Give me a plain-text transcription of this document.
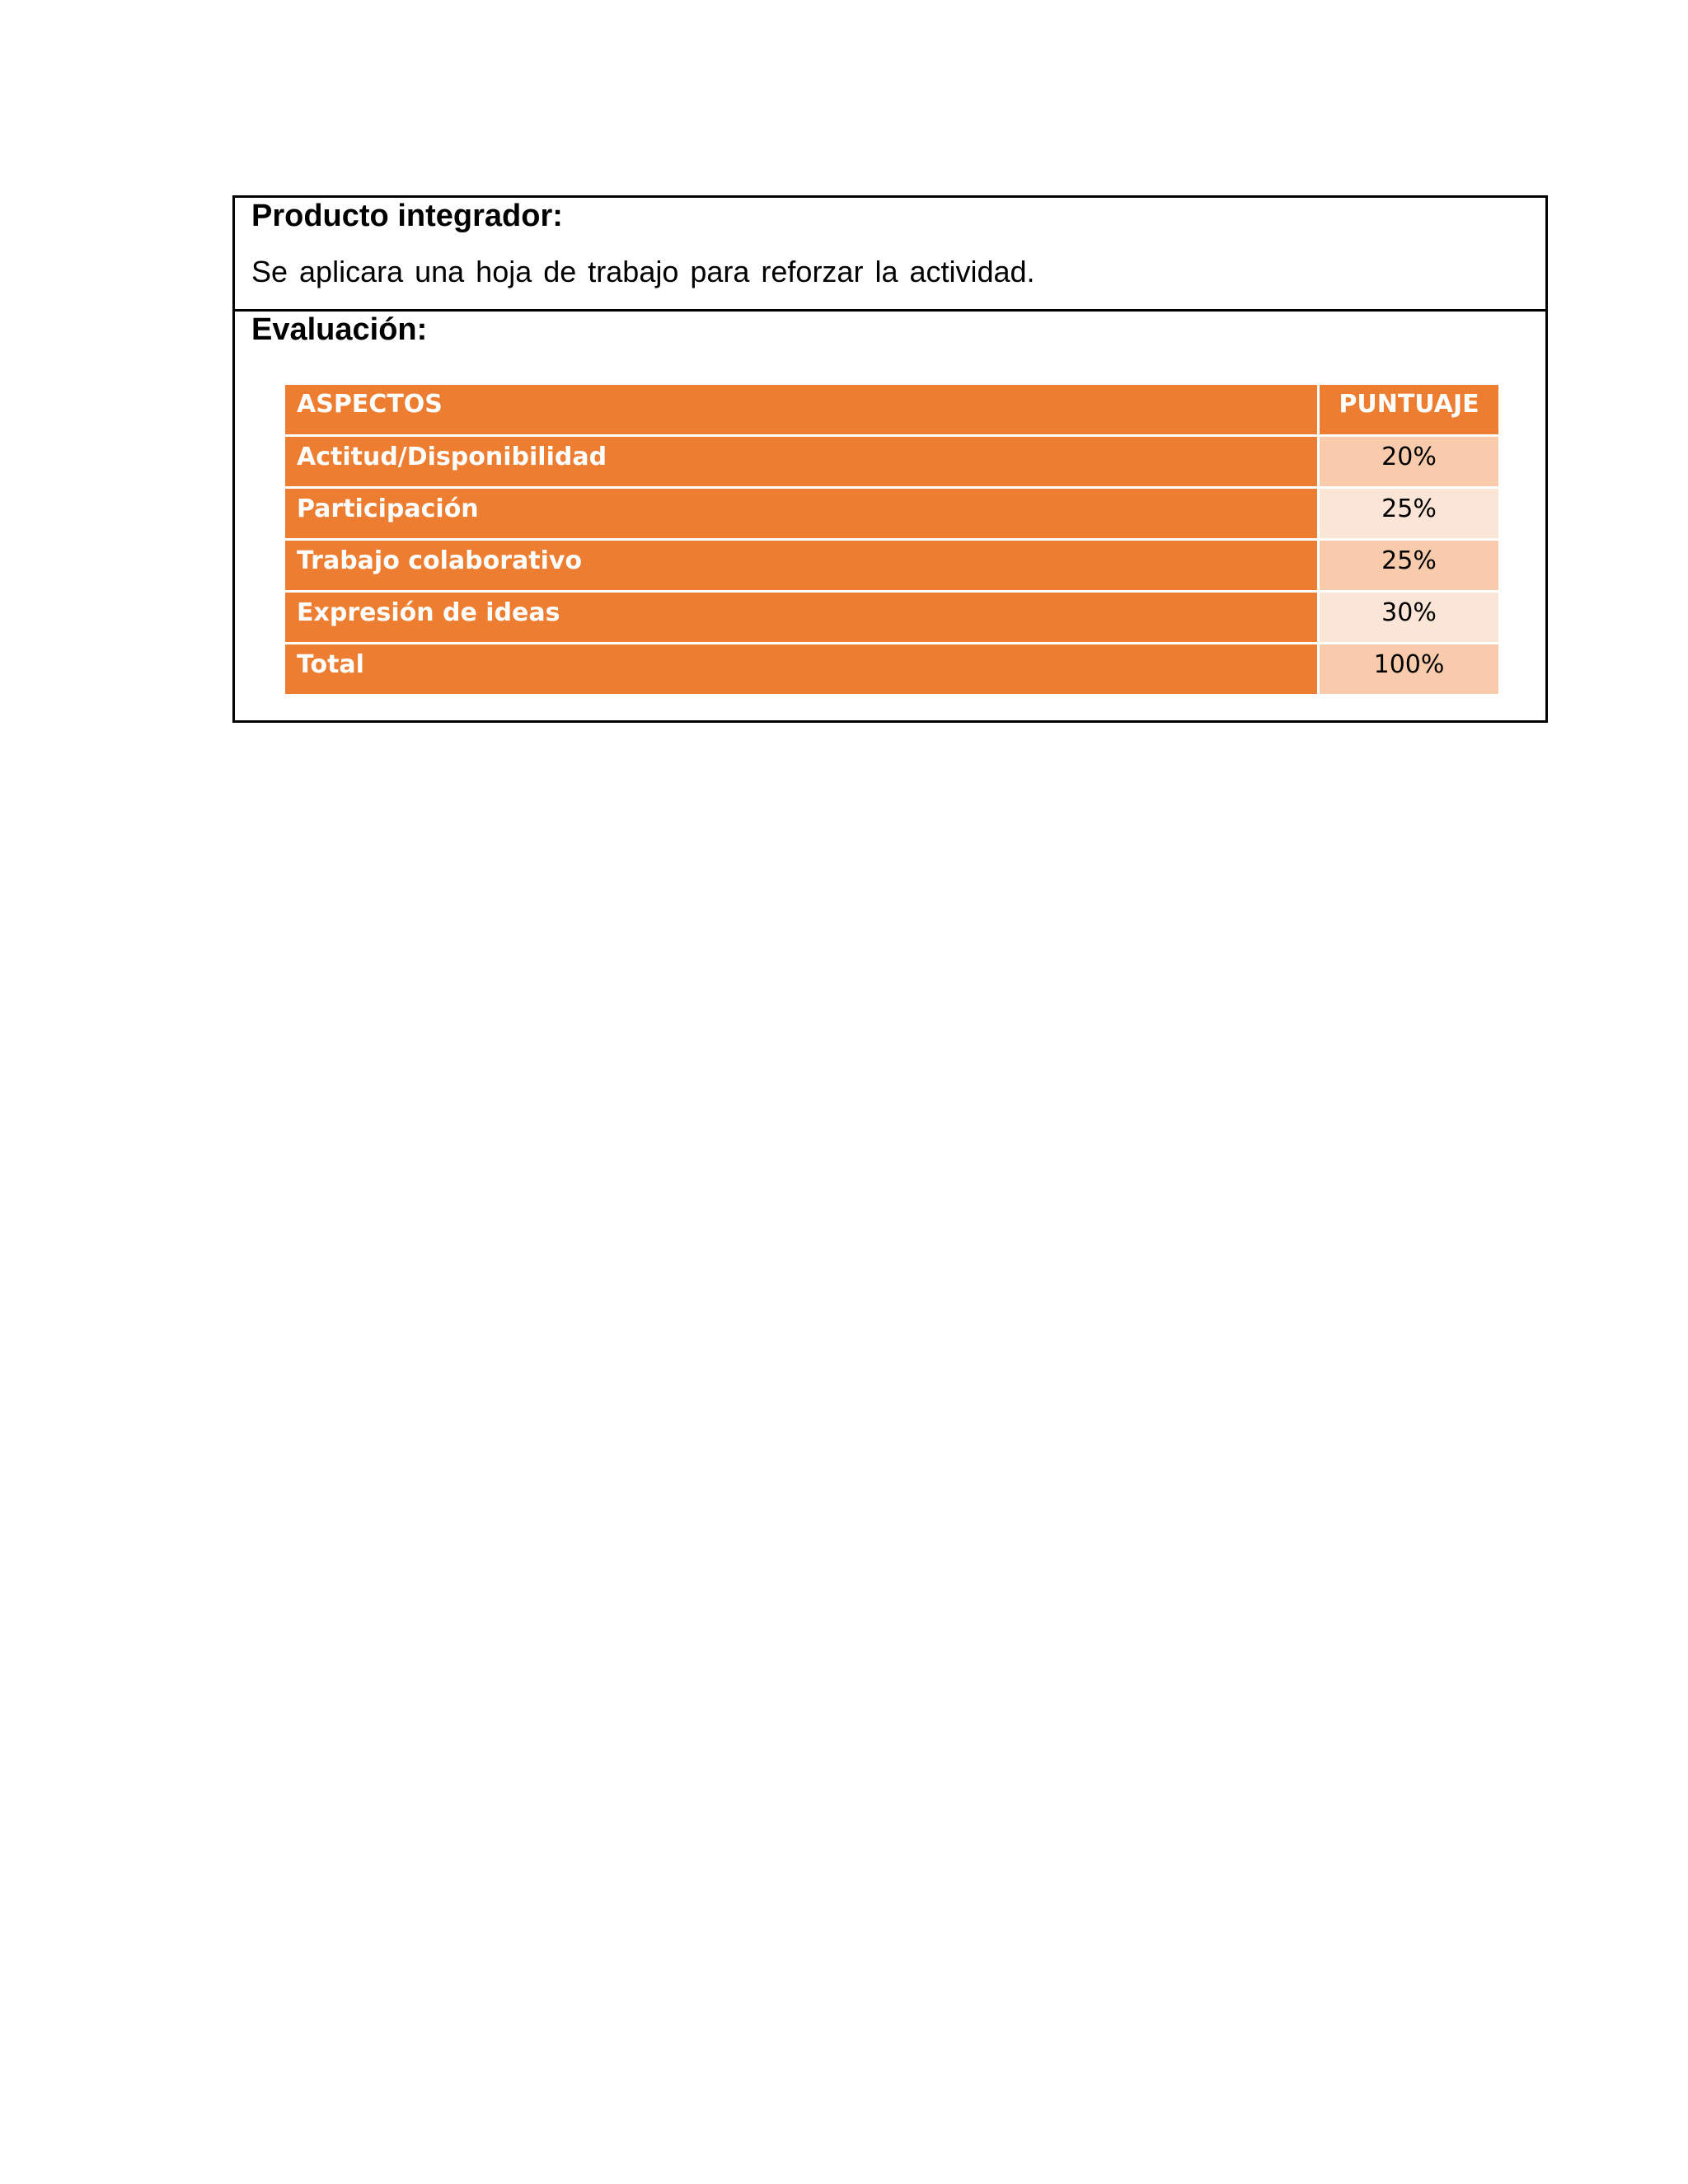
Producto integrador:

Se aplicara una hoja de trabajo para reforzar la actividad.

Evaluación:
ASPECTOS	PUNTUAJE
Actitud/Disponibilidad	20%
Participación	25%
Trabajo colaborativo	25%
Expresión de ideas	30%
Total	100%
